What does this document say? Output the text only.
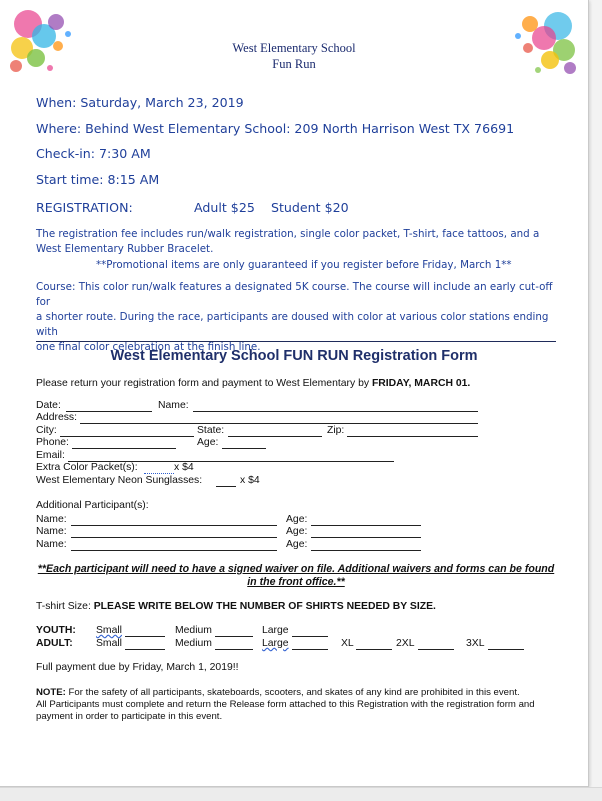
West Elementary School
Fun Run
When: Saturday, March 23, 2019
Where: Behind West Elementary School: 209 North Harrison West TX 76691
Check-in: 7:30 AM
Start time: 8:15 AM
REGISTRATION:	Adult $25 Student $20
The registration fee includes run/walk registration, single color packet, T-shirt, face tattoos, and a
West Elementary Rubber Bracelet.
**Promotional items are only guaranteed if you register before Friday, March 1**
Course: This color run/walk features a designated 5K course. The course will include an early cut-off for
a shorter route. During the race, participants are doused with color at various color stations ending with
one final color celebration at the finish line.
West Elementary School FUN RUN Registration Form
Please return your registration form and payment to West Elementary by FRIDAY, MARCH 01.
Date:	Name:
Address:
City:	State:	Zip:
Phone:	Age:
Email:
Extra Color Packet(s):	x $4
West Elementary Neon Sunglasses:	x $4
Additional Participant(s):
Name:	Age:
Name:	Age:
Name:	Age:
**Each participant will need to have a signed waiver on file. Additional waivers and forms can be found
in the front office.**
T-shirt Size: PLEASE WRITE BELOW THE NUMBER OF SHIRTS NEEDED BY SIZE.
YOUTH: Small	Medium	Large
ADULT: Small	Medium	Large	XL	2XL	3XL
Full payment due by Friday, March 1, 2019!!
NOTE: For the safety of all participants, skateboards, scooters, and skates of any kind are prohibited in this event.
All Participants must complete and return the Release form attached to this Registration with the registration form and
payment in order to participate in this event.
